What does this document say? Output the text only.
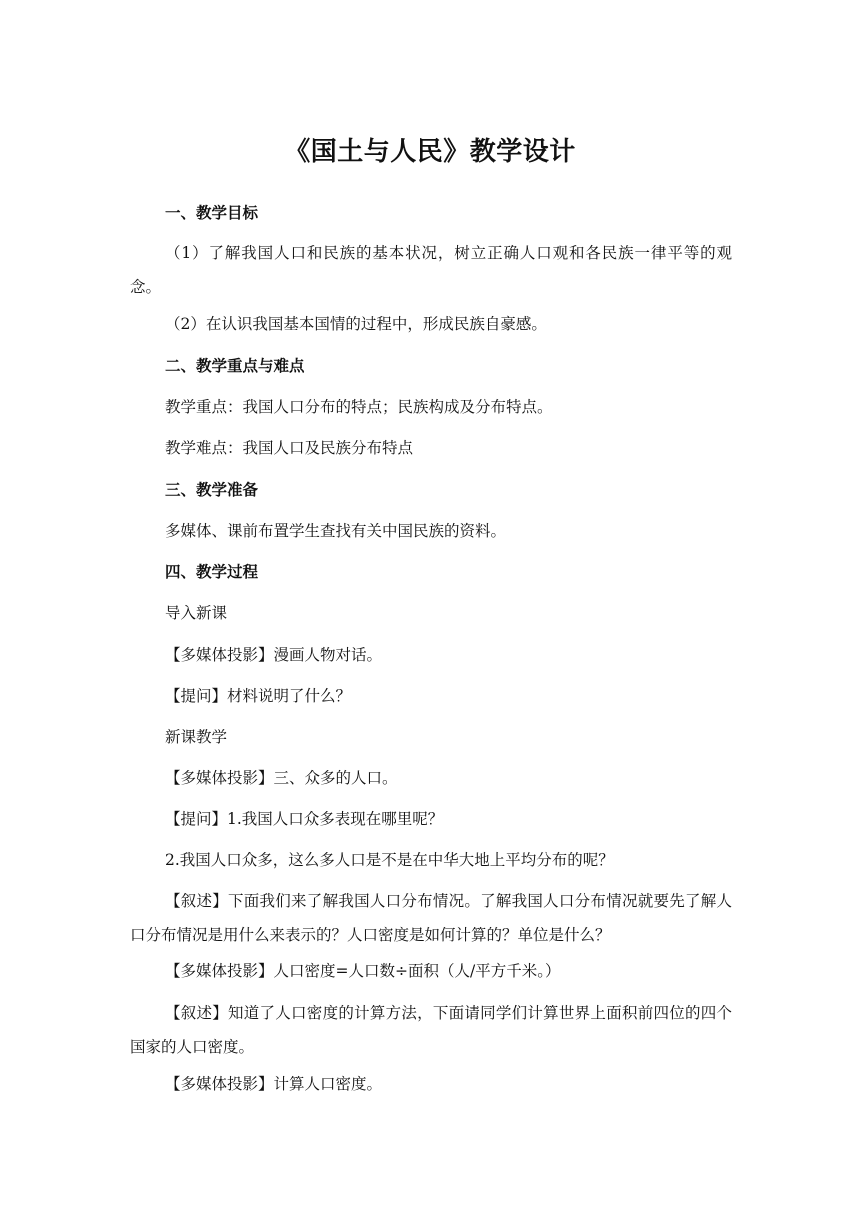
《国土与人民》教学设计
一、教学目标
（1）了解我国人口和民族的基本状况，树立正确人口观和各民族一律平等的观念。
（2）在认识我国基本国情的过程中，形成民族自豪感。
二、教学重点与难点
教学重点：我国人口分布的特点；民族构成及分布特点。
教学难点：我国人口及民族分布特点
三、教学准备
多媒体、课前布置学生查找有关中国民族的资料。
四、教学过程
导入新课
【多媒体投影】漫画人物对话。
【提问】材料说明了什么？
新课教学
【多媒体投影】三、众多的人口。
【提问】1.我国人口众多表现在哪里呢？
2.我国人口众多，这么多人口是不是在中华大地上平均分布的呢？
【叙述】下面我们来了解我国人口分布情况。了解我国人口分布情况就要先了解人口分布情况是用什么来表示的？人口密度是如何计算的？单位是什么？
【多媒体投影】人口密度=人口数÷面积（人/平方千米。）
【叙述】知道了人口密度的计算方法，下面请同学们计算世界上面积前四位的四个国家的人口密度。
【多媒体投影】计算人口密度。
